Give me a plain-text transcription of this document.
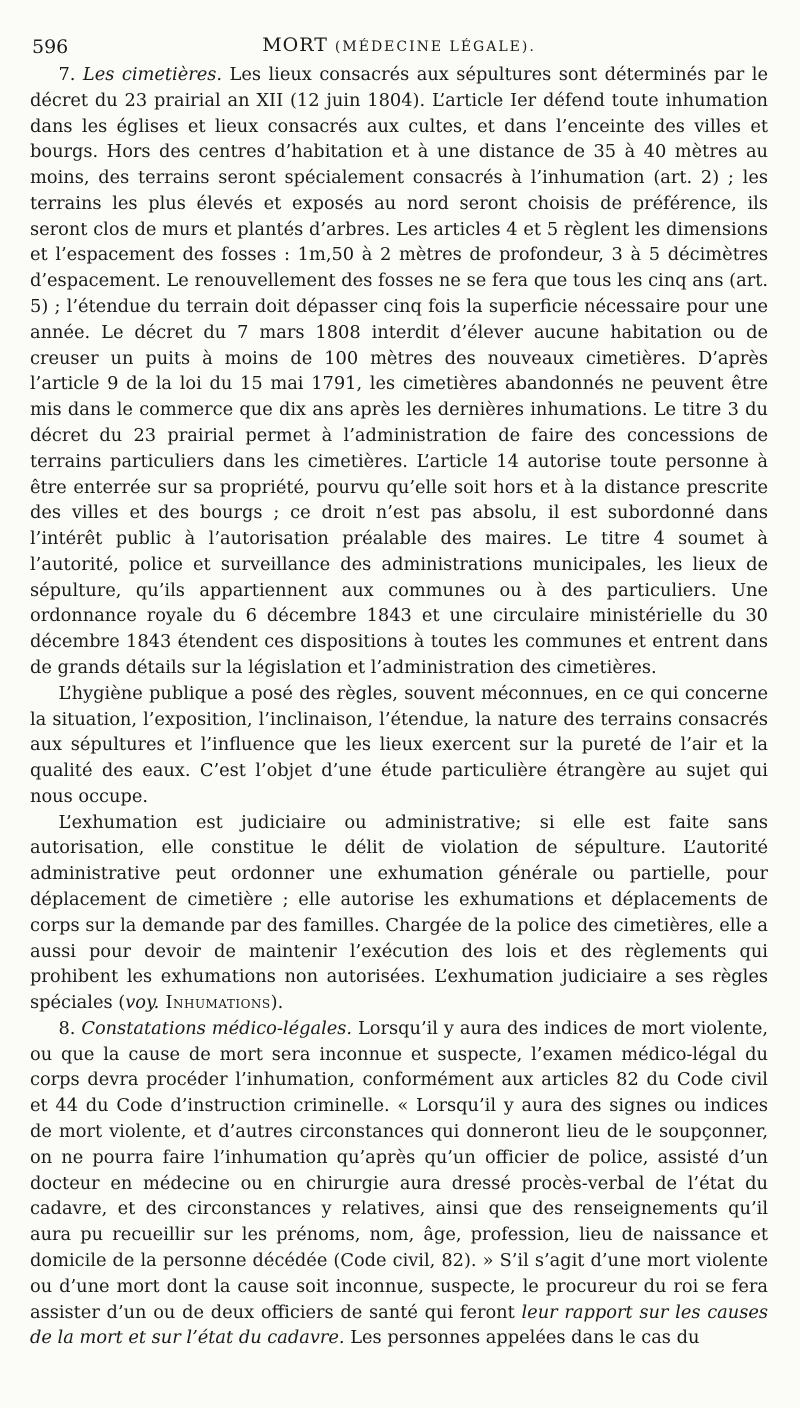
596	MORT (MÉDECINE LÉGALE).

7. Les cimetières. Les lieux consacrés aux sépultures sont déterminés par le décret du 23 prairial an XII (12 juin 1804). L’article Ier défend toute inhumation dans les églises et lieux consacrés aux cultes, et dans l’enceinte des villes et bourgs. Hors des centres d’habitation et à une distance de 35 à 40 mètres au moins, des terrains seront spécialement consacrés à l’inhumation (art. 2) ; les terrains les plus élevés et exposés au nord seront choisis de préférence, ils seront clos de murs et plantés d’arbres. Les articles 4 et 5 règlent les dimensions et l’espacement des fosses : 1m,50 à 2 mètres de profondeur, 3 à 5 décimètres d’espacement. Le renouvellement des fosses ne se fera que tous les cinq ans (art. 5) ; l’étendue du terrain doit dépasser cinq fois la superficie nécessaire pour une année. Le décret du 7 mars 1808 interdit d’élever aucune habitation ou de creuser un puits à moins de 100 mètres des nouveaux cimetières. D’après l’article 9 de la loi du 15 mai 1791, les cimetières abandonnés ne peuvent être mis dans le commerce que dix ans après les dernières inhumations. Le titre 3 du décret du 23 prairial permet à l’administration de faire des concessions de terrains particuliers dans les cimetières. L’article 14 autorise toute personne à être enterrée sur sa propriété, pourvu qu’elle soit hors et à la distance prescrite des villes et des bourgs ; ce droit n’est pas absolu, il est subordonné dans l’intérêt public à l’autorisation préalable des maires. Le titre 4 soumet à l’autorité, police et surveillance des administrations municipales, les lieux de sépulture, qu’ils appartiennent aux communes ou à des particuliers. Une ordonnance royale du 6 décembre 1843 et une circulaire ministérielle du 30 décembre 1843 étendent ces dispositions à toutes les communes et entrent dans de grands détails sur la législation et l’administration des cimetières.

L’hygiène publique a posé des règles, souvent méconnues, en ce qui concerne la situation, l’exposition, l’inclinaison, l’étendue, la nature des terrains consacrés aux sépultures et l’influence que les lieux exercent sur la pureté de l’air et la qualité des eaux. C’est l’objet d’une étude particulière étrangère au sujet qui nous occupe.

L’exhumation est judiciaire ou administrative; si elle est faite sans autorisation, elle constitue le délit de violation de sépulture. L’autorité administrative peut ordonner une exhumation générale ou partielle, pour déplacement de cimetière ; elle autorise les exhumations et déplacements de corps sur la demande par des familles. Chargée de la police des cimetières, elle a aussi pour devoir de maintenir l’exécution des lois et des règlements qui prohibent les exhumations non autorisées. L’exhumation judiciaire a ses règles spéciales (voy. Inhumations).

8. Constatations médico-légales. Lorsqu’il y aura des indices de mort violente, ou que la cause de mort sera inconnue et suspecte, l’examen médico-légal du corps devra procéder l’inhumation, conformément aux articles 82 du Code civil et 44 du Code d’instruction criminelle. « Lorsqu’il y aura des signes ou indices de mort violente, et d’autres circonstances qui donneront lieu de le soupçonner, on ne pourra faire l’inhumation qu’après qu’un officier de police, assisté d’un docteur en médecine ou en chirurgie aura dressé procès-verbal de l’état du cadavre, et des circonstances y relatives, ainsi que des renseignements qu’il aura pu recueillir sur les prénoms, nom, âge, profession, lieu de naissance et domicile de la personne décédée (Code civil, 82). » S’il s’agit d’une mort violente ou d’une mort dont la cause soit inconnue, suspecte, le procureur du roi se fera assister d’un ou de deux officiers de santé qui feront leur rapport sur les causes de la mort et sur l’état du cadavre. Les personnes appelées dans le cas du
